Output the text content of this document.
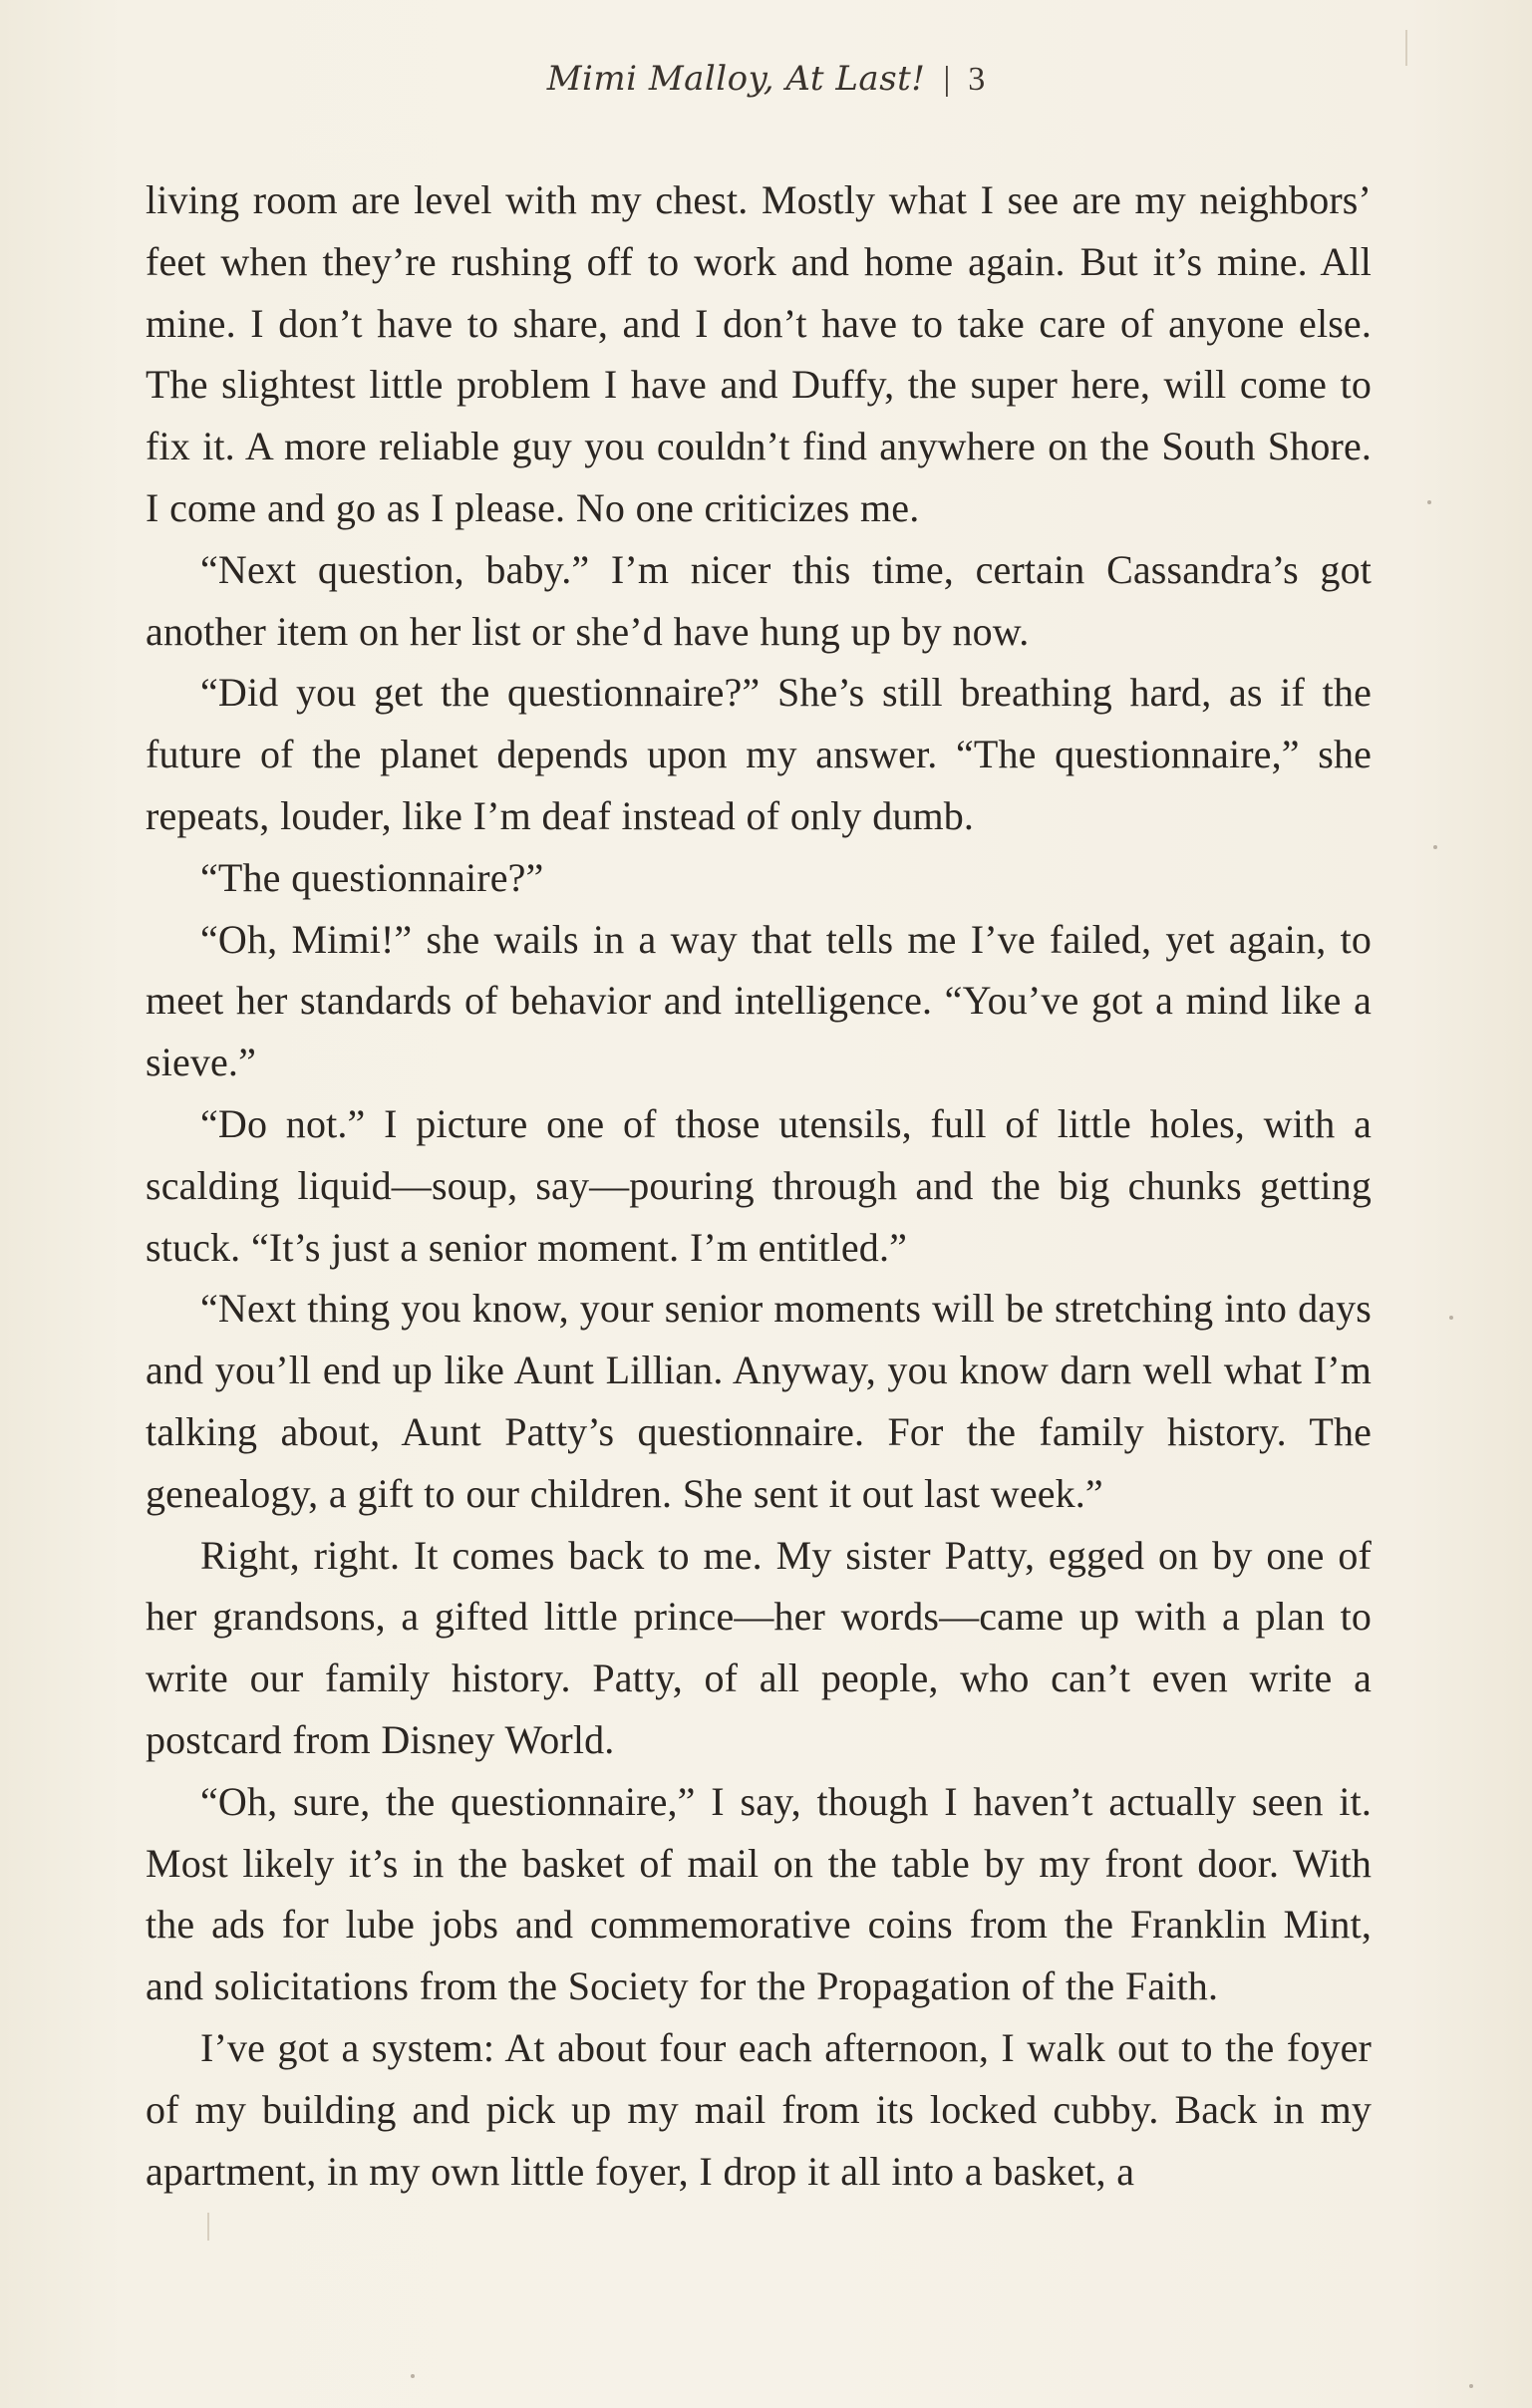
Mimi Malloy, At Last! | 3

living room are level with my chest. Mostly what I see are my neighbors’ feet when they’re rushing off to work and home again. But it’s mine. All mine. I don’t have to share, and I don’t have to take care of anyone else. The slightest little problem I have and Duffy, the super here, will come to fix it. A more reliable guy you couldn’t find anywhere on the South Shore. I come and go as I please. No one criticizes me.

“Next question, baby.” I’m nicer this time, certain Cassandra’s got another item on her list or she’d have hung up by now.

“Did you get the questionnaire?” She’s still breathing hard, as if the future of the planet depends upon my answer. “The questionnaire,” she repeats, louder, like I’m deaf instead of only dumb.

“The questionnaire?”

“Oh, Mimi!” she wails in a way that tells me I’ve failed, yet again, to meet her standards of behavior and intelligence. “You’ve got a mind like a sieve.”

“Do not.” I picture one of those utensils, full of little holes, with a scalding liquid—soup, say—pouring through and the big chunks getting stuck. “It’s just a senior moment. I’m entitled.”

“Next thing you know, your senior moments will be stretching into days and you’ll end up like Aunt Lillian. Anyway, you know darn well what I’m talking about, Aunt Patty’s questionnaire. For the family history. The genealogy, a gift to our children. She sent it out last week.”

Right, right. It comes back to me. My sister Patty, egged on by one of her grandsons, a gifted little prince—her words—came up with a plan to write our family history. Patty, of all people, who can’t even write a postcard from Disney World.

“Oh, sure, the questionnaire,” I say, though I haven’t actually seen it. Most likely it’s in the basket of mail on the table by my front door. With the ads for lube jobs and commemorative coins from the Franklin Mint, and solicitations from the Society for the Propagation of the Faith.

I’ve got a system: At about four each afternoon, I walk out to the foyer of my building and pick up my mail from its locked cubby. Back in my apartment, in my own little foyer, I drop it all into a basket, a
